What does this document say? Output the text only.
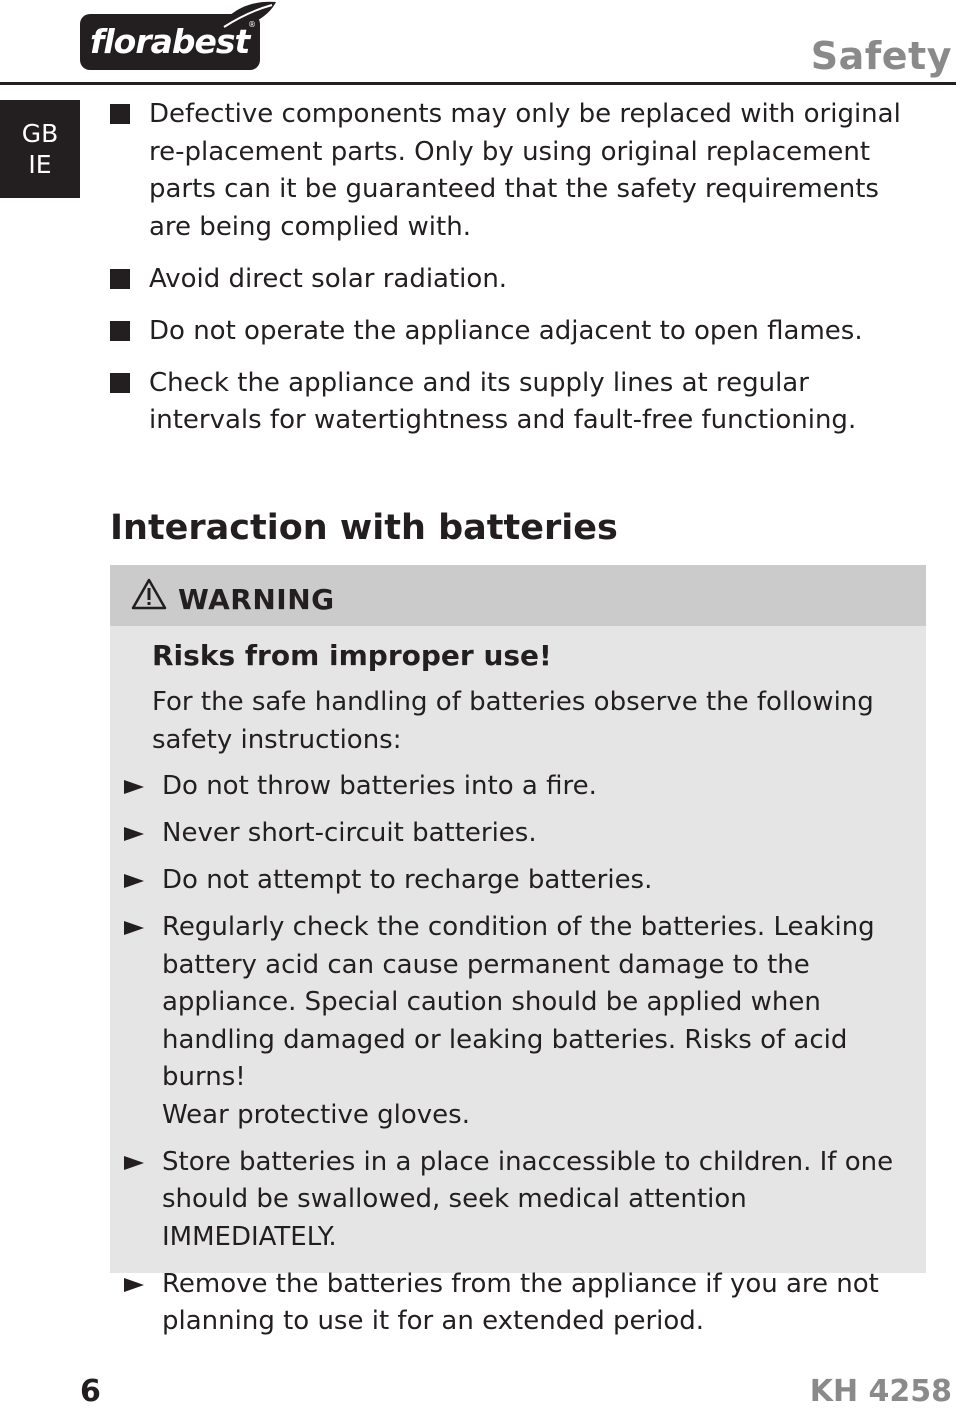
florabest
®
Safety
GB
IE
Defective components may only be replaced with original re-placement parts. Only by using original replacement parts can it be guaranteed that the safety requirements are being complied with.
Avoid direct solar radiation.
Do not operate the appliance adjacent to open flames.
Check the appliance and its supply lines at regular intervals for watertightness and fault-free functioning.
Interaction with batteries
WARNING
Risks from improper use!
For the safe handling of batteries observe the following safety instructions:
Do not throw batteries into a fire.
Never short-circuit batteries.
Do not attempt to recharge batteries.
Regularly check the condition of the batteries. Leaking battery acid can cause permanent damage to the appliance. Special caution should be applied when handling damaged or leaking batteries. Risks of acid burns!
Wear protective gloves.
Store batteries in a place inaccessible to children. If one should be swallowed, seek medical attention IMMEDIATELY.
Remove the batteries from the appliance if you are not planning to use it for an extended period.
6	KH 4258
